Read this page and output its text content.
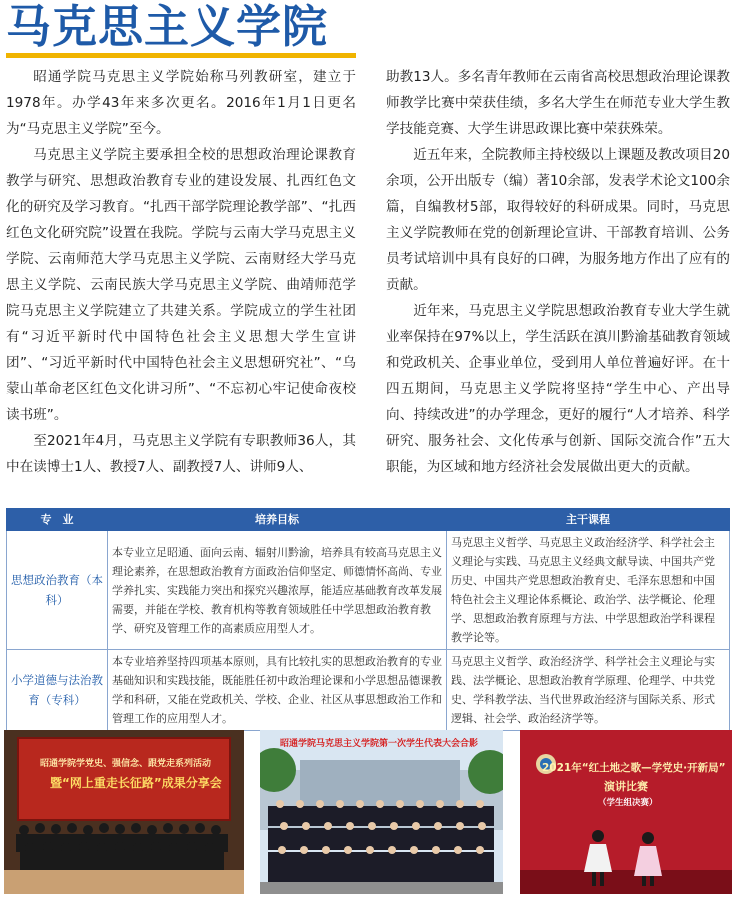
马克思主义学院

昭通学院马克思主义学院始称马列教研室，建立于1978年。办学43年来多次更名。2016年1月1日更名为“马克思主义学院”至今。

马克思主义学院主要承担全校的思想政治理论课教育教学与研究、思想政治教育专业的建设发展、扎西红色文化的研究及学习教育。“扎西干部学院理论教学部”、“扎西红色文化研究院”设置在我院。学院与云南大学马克思主义学院、云南师范大学马克思主义学院、云南财经大学马克思主义学院、云南民族大学马克思主义学院、曲靖师范学院马克思主义学院建立了共建关系。学院成立的学生社团有“习近平新时代中国特色社会主义思想大学生宣讲团”、“习近平新时代中国特色社会主义思想研究社”、“乌蒙山革命老区红色文化讲习所”、“不忘初心牢记使命夜校读书班”。

至2021年4月，马克思主义学院有专职教师36人，其中在读博士1人、教授7人、副教授7人、讲师9人、

助教13人。多名青年教师在云南省高校思想政治理论课教师教学比赛中荣获佳绩，多名大学生在师范专业大学生教学技能竞赛、大学生讲思政课比赛中荣获殊荣。

近五年来，全院教师主持校级以上课题及教改项目20余项，公开出版专（编）著10余部，发表学术论文100余篇，自编教材5部，取得较好的科研成果。同时，马克思主义学院教师在党的创新理论宣讲、干部教育培训、公务员考试培训中具有良好的口碑，为服务地方作出了应有的贡献。

近年来，马克思主义学院思想政治教育专业大学生就业率保持在97%以上，学生活跃在滇川黔渝基础教育领域和党政机关、企事业单位，受到用人单位普遍好评。在十四五期间，马克思主义学院将坚持“学生中心、产出导向、持续改进”的办学理念，更好的履行“人才培养、科学研究、服务社会、文化传承与创新、国际交流合作”五大职能，为区域和地方经济社会发展做出更大的贡献。

专　业	培养目标	主干课程
思想政治教育（本科）	本专业立足昭通、面向云南、辐射川黔渝，培养具有较高马克思主义理论素养，在思想政治教育方面政治信仰坚定、师德情怀高尚、专业学养扎实、实践能力突出和探究兴趣浓厚，能适应基础教育改革发展需要，并能在学校、教育机构等教育领域胜任中学思想政治教育教学、研究及管理工作的高素质应用型人才。	马克思主义哲学、马克思主义政治经济学、科学社会主义理论与实践、马克思主义经典文献导读、中国共产党历史、中国共产党思想政治教育史、毛泽东思想和中国特色社会主义理论体系概论、政治学、法学概论、伦理学、思想政治教育原理与方法、中学思想政治学科课程教学论等。
小学道德与法治教育（专科）	本专业培养坚持四项基本原则，具有比较扎实的思想政治教育的专业基础知识和实践技能，既能胜任初中政治理论课和小学思想品德课教学和科研，又能在党政机关、学校、企业、社区从事思想政治工作和管理工作的应用型人才。	马克思主义哲学、政治经济学、科学社会主义理论与实践、法学概论、思想政治教育学原理、伦理学、中共党史、学科教学法、当代世界政治经济与国际关系、形式逻辑、社会学、政治经济学等。
昭通学院学党史、强信念、跟党走系列活动
暨“网上重走长征路”成果分享会
昭通学院马克思主义学院第一次学生代表大会合影
2021年“红土地之歌—学党史·开新局”
演讲比赛
（学生组决赛）
